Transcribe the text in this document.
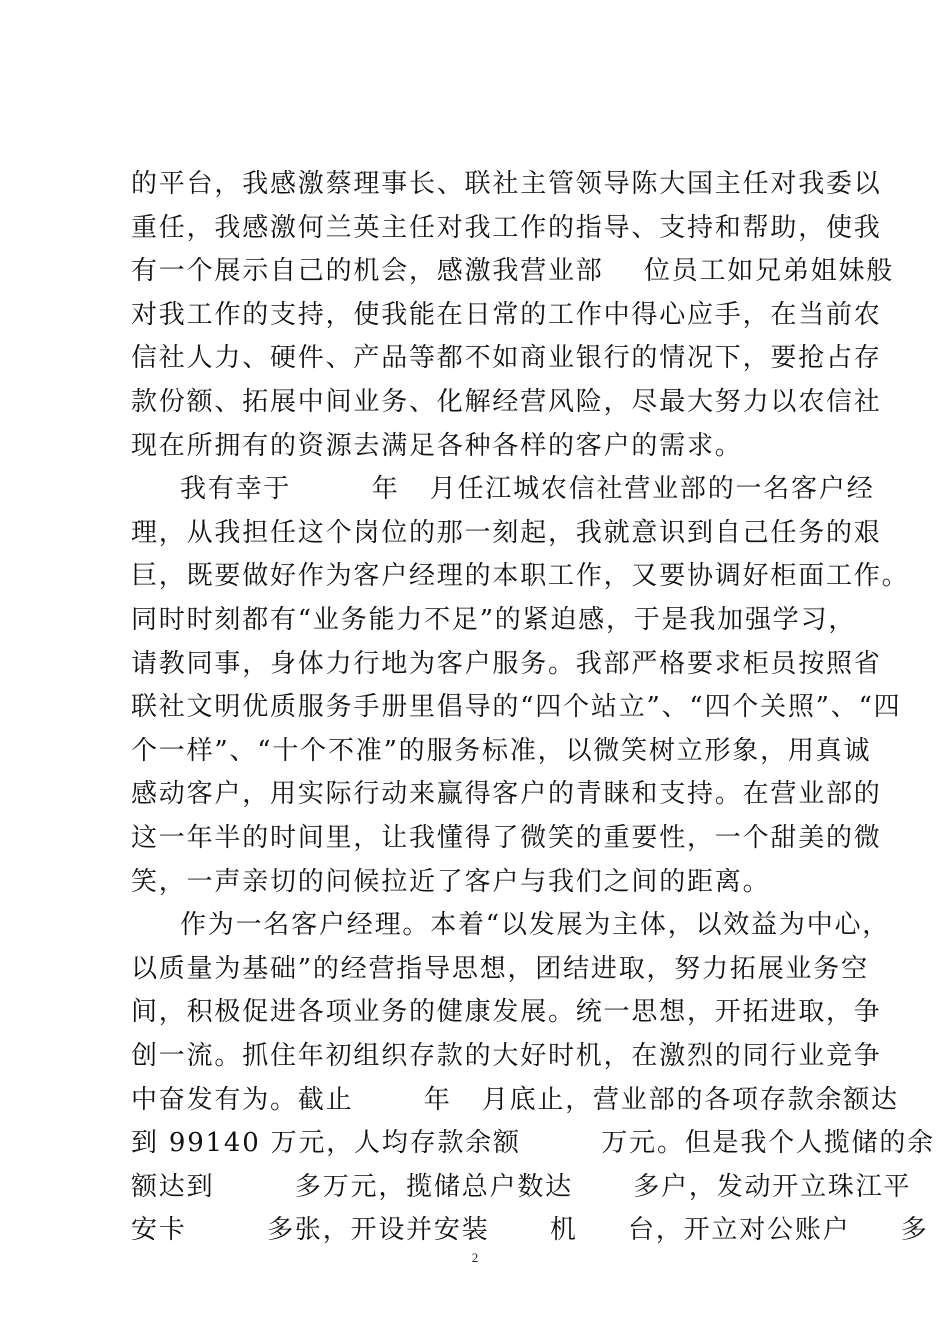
的平台，我感激蔡理事长、联社主管领导陈大国主任对我委以
重任，我感激何兰英主任对我工作的指导、支持和帮助，使我
有一个展示自己的机会，感激我营业部    位员工如兄弟姐妹般
对我工作的支持，使我能在日常的工作中得心应手，在当前农
信社人力、硬件、产品等都不如商业银行的情况下，要抢占存
款份额、拓展中间业务、化解经营风险，尽最大努力以农信社
现在所拥有的资源去满足各种各样的客户的需求。
我有幸于        年   月任江城农信社营业部的一名客户经
理，从我担任这个岗位的那一刻起，我就意识到自己任务的艰
巨，既要做好作为客户经理的本职工作，又要协调好柜面工作。
同时时刻都有“业务能力不足”的紧迫感，于是我加强学习，
请教同事，身体力行地为客户服务。我部严格要求柜员按照省
联社文明优质服务手册里倡导的“四个站立”、“四个关照”、“四
个一样”、“十个不准”的服务标准，以微笑树立形象，用真诚
感动客户，用实际行动来赢得客户的青睐和支持。在营业部的
这一年半的时间里，让我懂得了微笑的重要性，一个甜美的微
笑，一声亲切的问候拉近了客户与我们之间的距离。
作为一名客户经理。本着“以发展为主体，以效益为中心，
以质量为基础”的经营指导思想，团结进取，努力拓展业务空
间，积极促进各项业务的健康发展。统一思想，开拓进取，争
创一流。抓住年初组织存款的大好时机，在激烈的同行业竞争
中奋发有为。截止       年   月底止，营业部的各项存款余额达
到 99140 万元，人均存款余额        万元。但是我个人揽储的余
额达到        多万元，揽储总户数达      多户，发动开立珠江平
安卡        多张，开设并安装      机     台，开立对公账户     多
2
